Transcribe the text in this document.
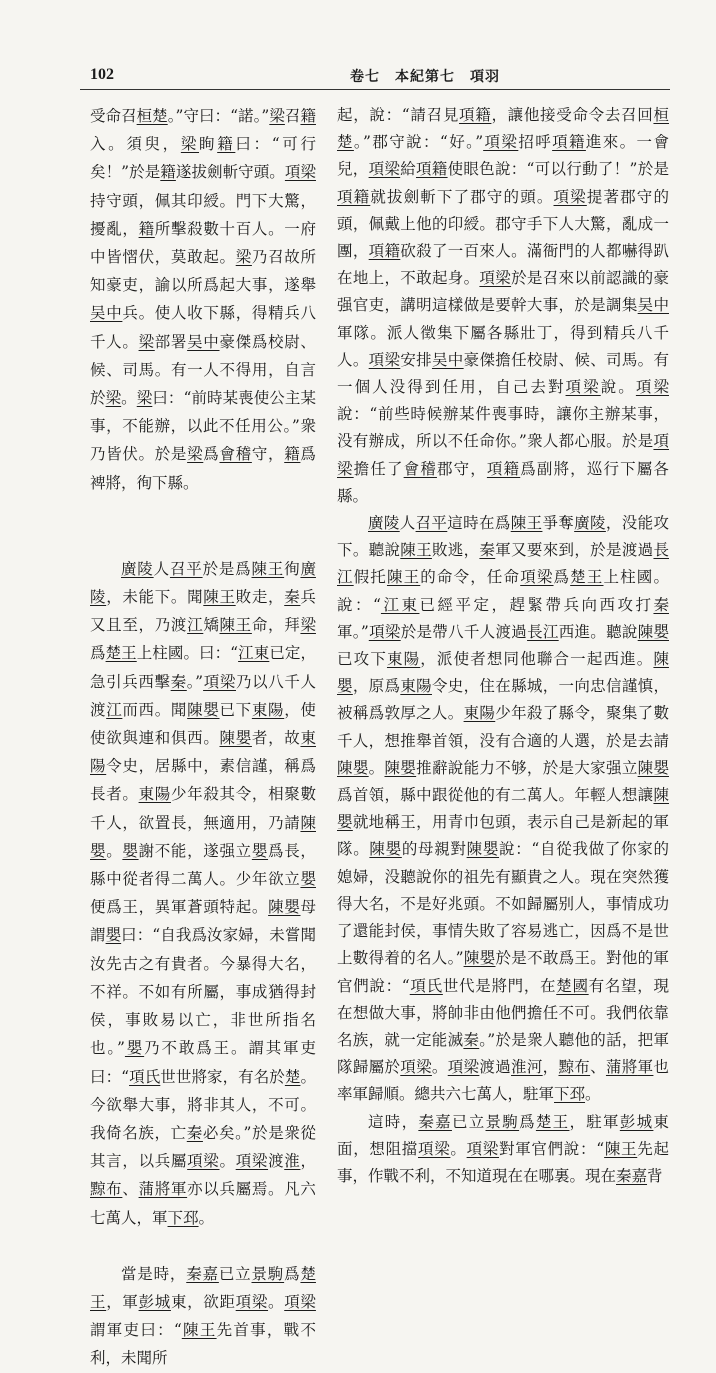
102	卷七　本紀第七　項羽

受命召桓楚。”守曰：“諾。”梁召籍入。須臾，梁眴籍曰：“可行矣！”於是籍遂拔劍斬守頭。項梁持守頭，佩其印綬。門下大驚，擾亂，籍所擊殺數十百人。一府中皆慴伏，莫敢起。梁乃召故所知豪吏，諭以所爲起大事，遂舉吴中兵。使人收下縣，得精兵八千人。梁部署吴中豪傑爲校尉、候、司馬。有一人不得用，自言於梁。梁曰：“前時某喪使公主某事，不能辦，以此不任用公。”衆乃皆伏。於是梁爲會稽守，籍爲裨將，徇下縣。

廣陵人召平於是爲陳王徇廣陵，未能下。聞陳王敗走，秦兵又且至，乃渡江矯陳王命，拜梁爲楚王上柱國。曰：“江東已定，急引兵西擊秦。”項梁乃以八千人渡江而西。聞陳嬰已下東陽，使使欲與連和俱西。陳嬰者，故東陽令史，居縣中，素信謹，稱爲長者。東陽少年殺其令，相聚數千人，欲置長，無適用，乃請陳嬰。嬰謝不能，遂强立嬰爲長，縣中從者得二萬人。少年欲立嬰便爲王，異軍蒼頭特起。陳嬰母謂嬰曰：“自我爲汝家婦，未嘗聞汝先古之有貴者。今暴得大名，不祥。不如有所屬，事成猶得封侯，事敗易以亡，非世所指名也。”嬰乃不敢爲王。謂其軍吏曰：“項氏世世將家，有名於楚。今欲舉大事，將非其人，不可。我倚名族，亡秦必矣。”於是衆從其言，以兵屬項梁。項梁渡淮，黥布、蒲將軍亦以兵屬焉。凡六七萬人，軍下邳。

當是時，秦嘉已立景駒爲楚王，軍彭城東，欲距項梁。項梁謂軍吏曰：“陳王先首事，戰不利，未聞所

起，說：“請召見項籍，讓他接受命令去召回桓楚。”郡守說：“好。”項梁招呼項籍進來。一會兒，項梁給項籍使眼色說：“可以行動了！”於是項籍就拔劍斬下了郡守的頭。項梁提著郡守的頭，佩戴上他的印綬。郡守手下人大驚，亂成一團，項籍砍殺了一百來人。滿衙門的人都嚇得趴在地上，不敢起身。項梁於是召來以前認識的豪强官吏，講明這樣做是要幹大事，於是調集吴中軍隊。派人徵集下屬各縣壯丁，得到精兵八千人。項梁安排吴中豪傑擔任校尉、候、司馬。有一個人没得到任用，自己去對項梁說。項梁說：“前些時候辦某件喪事時，讓你主辦某事，没有辦成，所以不任命你。”衆人都心服。於是項梁擔任了會稽郡守，項籍爲副將，巡行下屬各縣。

廣陵人召平這時在爲陳王爭奪廣陵，没能攻下。聽說陳王敗逃，秦軍又要來到，於是渡過長江假托陳王的命令，任命項梁爲楚王上柱國。說：“江東已經平定，趕緊帶兵向西攻打秦軍。”項梁於是帶八千人渡過長江西進。聽說陳嬰已攻下東陽，派使者想同他聯合一起西進。陳嬰，原爲東陽令史，住在縣城，一向忠信謹慎，被稱爲敦厚之人。東陽少年殺了縣令，聚集了數千人，想推舉首領，没有合適的人選，於是去請陳嬰。陳嬰推辭說能力不够，於是大家强立陳嬰爲首領，縣中跟從他的有二萬人。年輕人想讓陳嬰就地稱王，用青巾包頭，表示自己是新起的軍隊。陳嬰的母親對陳嬰說：“自從我做了你家的媳婦，没聽說你的祖先有顯貴之人。現在突然獲得大名，不是好兆頭。不如歸屬别人，事情成功了還能封侯，事情失敗了容易逃亡，因爲不是世上數得着的名人。”陳嬰於是不敢爲王。對他的軍官們說：“項氏世代是將門，在楚國有名望，現在想做大事，將帥非由他們擔任不可。我們依靠名族，就一定能滅秦。”於是衆人聽他的話，把軍隊歸屬於項梁。項梁渡過淮河，黥布、蒲將軍也率軍歸順。總共六七萬人，駐軍下邳。

這時，秦嘉已立景駒爲楚王，駐軍彭城東面，想阻擋項梁。項梁對軍官們說：“陳王先起事，作戰不利，不知道現在在哪裏。現在秦嘉背
